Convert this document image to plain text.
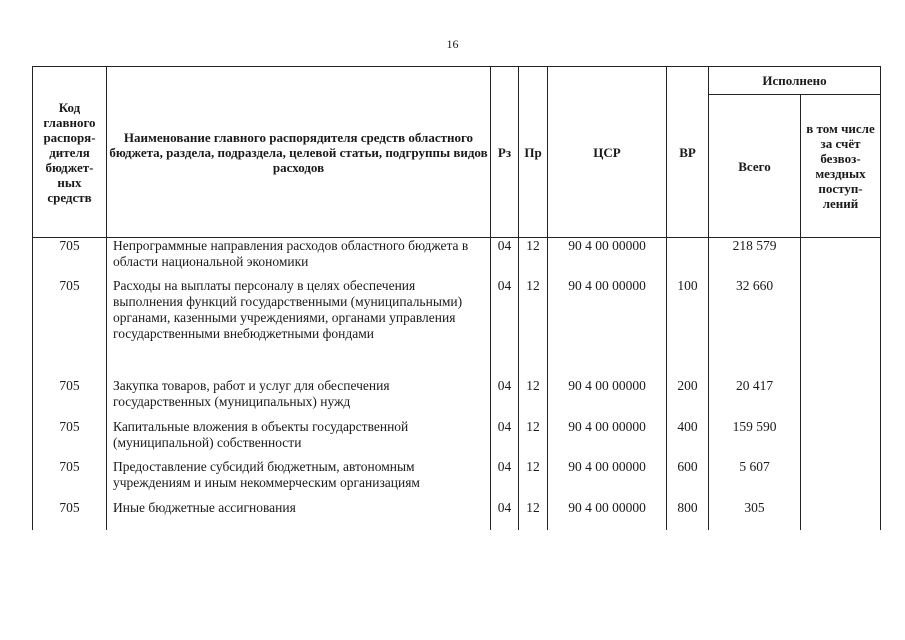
16
Код главного распоря-дителя бюджет-ных средств	Наименование главного распорядителя средств областного бюджета, раздела, подраздела, целевой статьи, подгруппы видов расходов	Рз	Пр	ЦСР	ВР	Исполнено	
						Всего	в том числе за счёт безвоз-мездных поступ-лений
705	Непрограммные направления расходов областного бюджета в области национальной экономики	04	12	90 4 00 00000		218 579	
705	Расходы на выплаты персоналу в целях обеспечения выполнения функций государственными (муниципальными) органами, казенными учреждениями, органами управления государственными внебюджетными фондами	04	12	90 4 00 00000	100	32 660	
705	Закупка товаров, работ и услуг для обеспечения государственных (муниципальных) нужд	04	12	90 4 00 00000	200	20 417	
705	Капитальные вложения в объекты государственной (муниципальной) собственности	04	12	90 4 00 00000	400	159 590	
705	Предоставление субсидий бюджетным, автономным учреждениям и иным некоммерческим организациям	04	12	90 4 00 00000	600	5 607	
705	Иные бюджетные ассигнования	04	12	90 4 00 00000	800	305	
